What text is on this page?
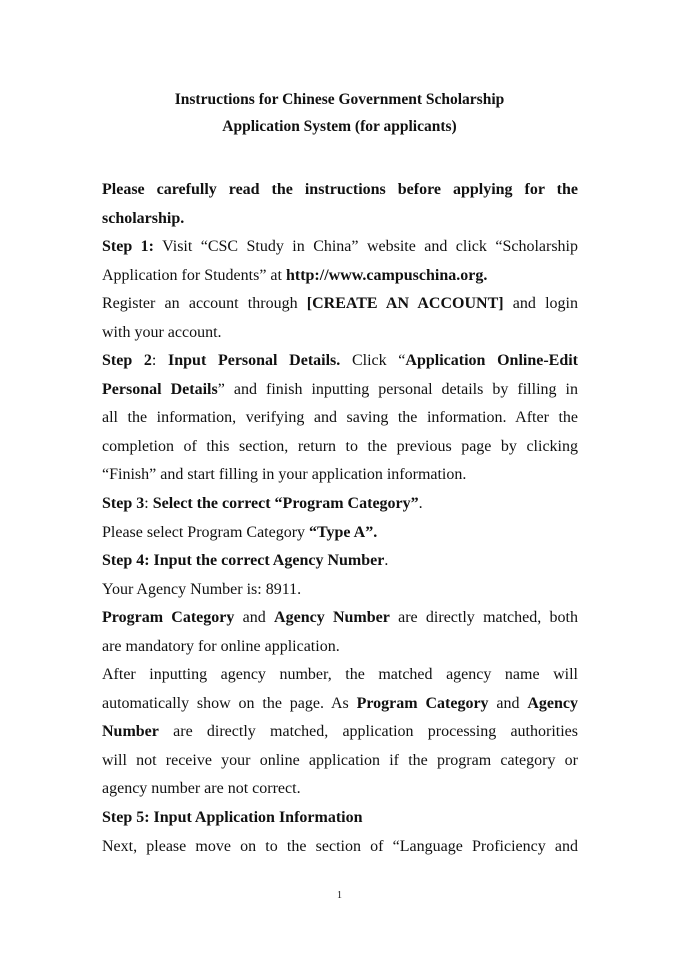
Instructions for Chinese Government Scholarship
Application System (for applicants)
Please carefully read the instructions before applying for the
scholarship.
Step 1: Visit “CSC Study in China” website and click “Scholarship
Application for Students” at http://www.campuschina.org.
Register an account through [CREATE AN ACCOUNT] and login
with your account.
Step 2: Input Personal Details. Click “Application Online-Edit
Personal Details” and finish inputting personal details by filling in
all the information, verifying and saving the information. After the
completion of this section, return to the previous page by clicking
“Finish” and start filling in your application information.
Step 3: Select the correct “Program Category”.
Please select Program Category “Type A”.
Step 4: Input the correct Agency Number.
Your Agency Number is: 8911.
Program Category and Agency Number are directly matched, both
are mandatory for online application.
After inputting agency number, the matched agency name will
automatically show on the page. As Program Category and Agency
Number are directly matched, application processing authorities
will not receive your online application if the program category or
agency number are not correct.
Step 5: Input Application Information
Next, please move on to the section of “Language Proficiency and
1
